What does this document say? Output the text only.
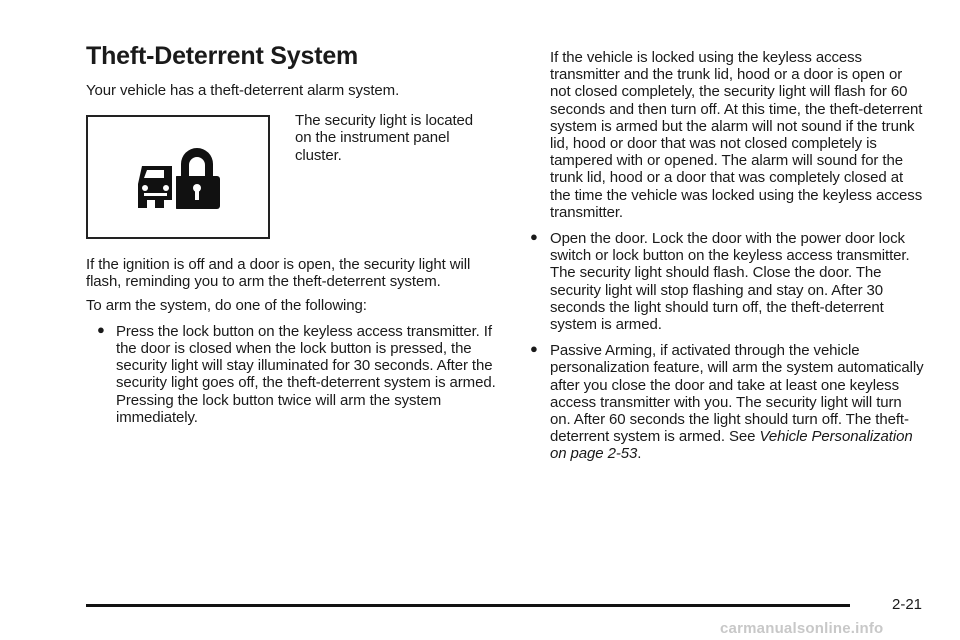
Theft-Deterrent System

Your vehicle has a theft-deterrent alarm system.

The security light is located on the instrument panel cluster.

If the ignition is off and a door is open, the security light will flash, reminding you to arm the theft-deterrent system.

To arm the system, do one of the following:

● Press the lock button on the keyless access transmitter. If the door is closed when the lock button is pressed, the security light will stay illuminated for 30 seconds. After the security light goes off, the theft-deterrent system is armed. Pressing the lock button twice will arm the system immediately.

If the vehicle is locked using the keyless access transmitter and the trunk lid, hood or a door is open or not closed completely, the security light will flash for 60 seconds and then turn off. At this time, the theft-deterrent system is armed but the alarm will not sound if the trunk lid, hood or door that was not closed completely is tampered with or opened. The alarm will sound for the trunk lid, hood or a door that was completely closed at the time the vehicle was locked using the keyless access transmitter.

● Open the door. Lock the door with the power door lock switch or lock button on the keyless access transmitter. The security light should flash. Close the door. The security light will stop flashing and stay on. After 30 seconds the light should turn off, the theft-deterrent system is armed.

● Passive Arming, if activated through the vehicle personalization feature, will arm the system automatically after you close the door and take at least one keyless access transmitter with you. The security light will turn on. After 60 seconds the light should turn off. The theft-deterrent system is armed. See Vehicle Personalization on page 2-53.

2-21
carmanualsonline.info
